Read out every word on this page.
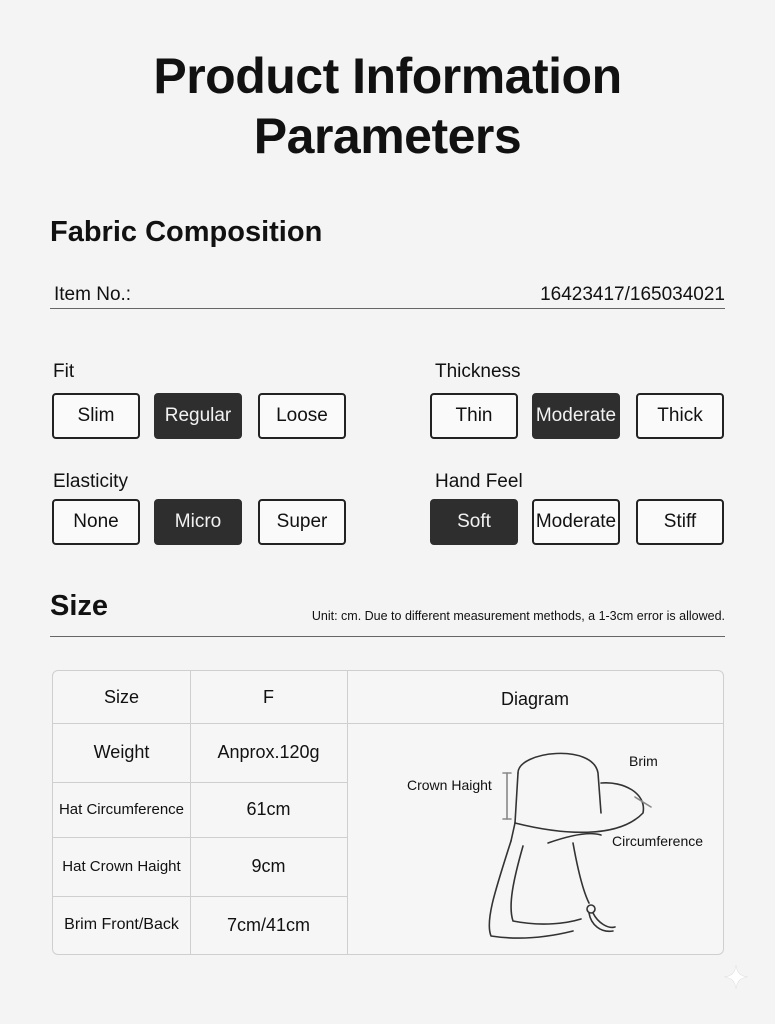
Product Information
Parameters
Fabric Composition
Item No.:	16423417/165034021
Fit
Slim	Regular	Loose
Thickness
Thin	Moderate	Thick
Elasticity
None	Micro	Super
Hand Feel
Soft	Moderate	Stiff
Size	Unit: cm. Due to different measurement methods, a 1-3cm error is allowed.
Size	F	Diagram
Weight	Anprox.120g
Hat Circumference	61cm
Hat Crown Haight	9cm
Brim Front/Back	7cm/41cm
Crown Haight
Brim
Circumference
